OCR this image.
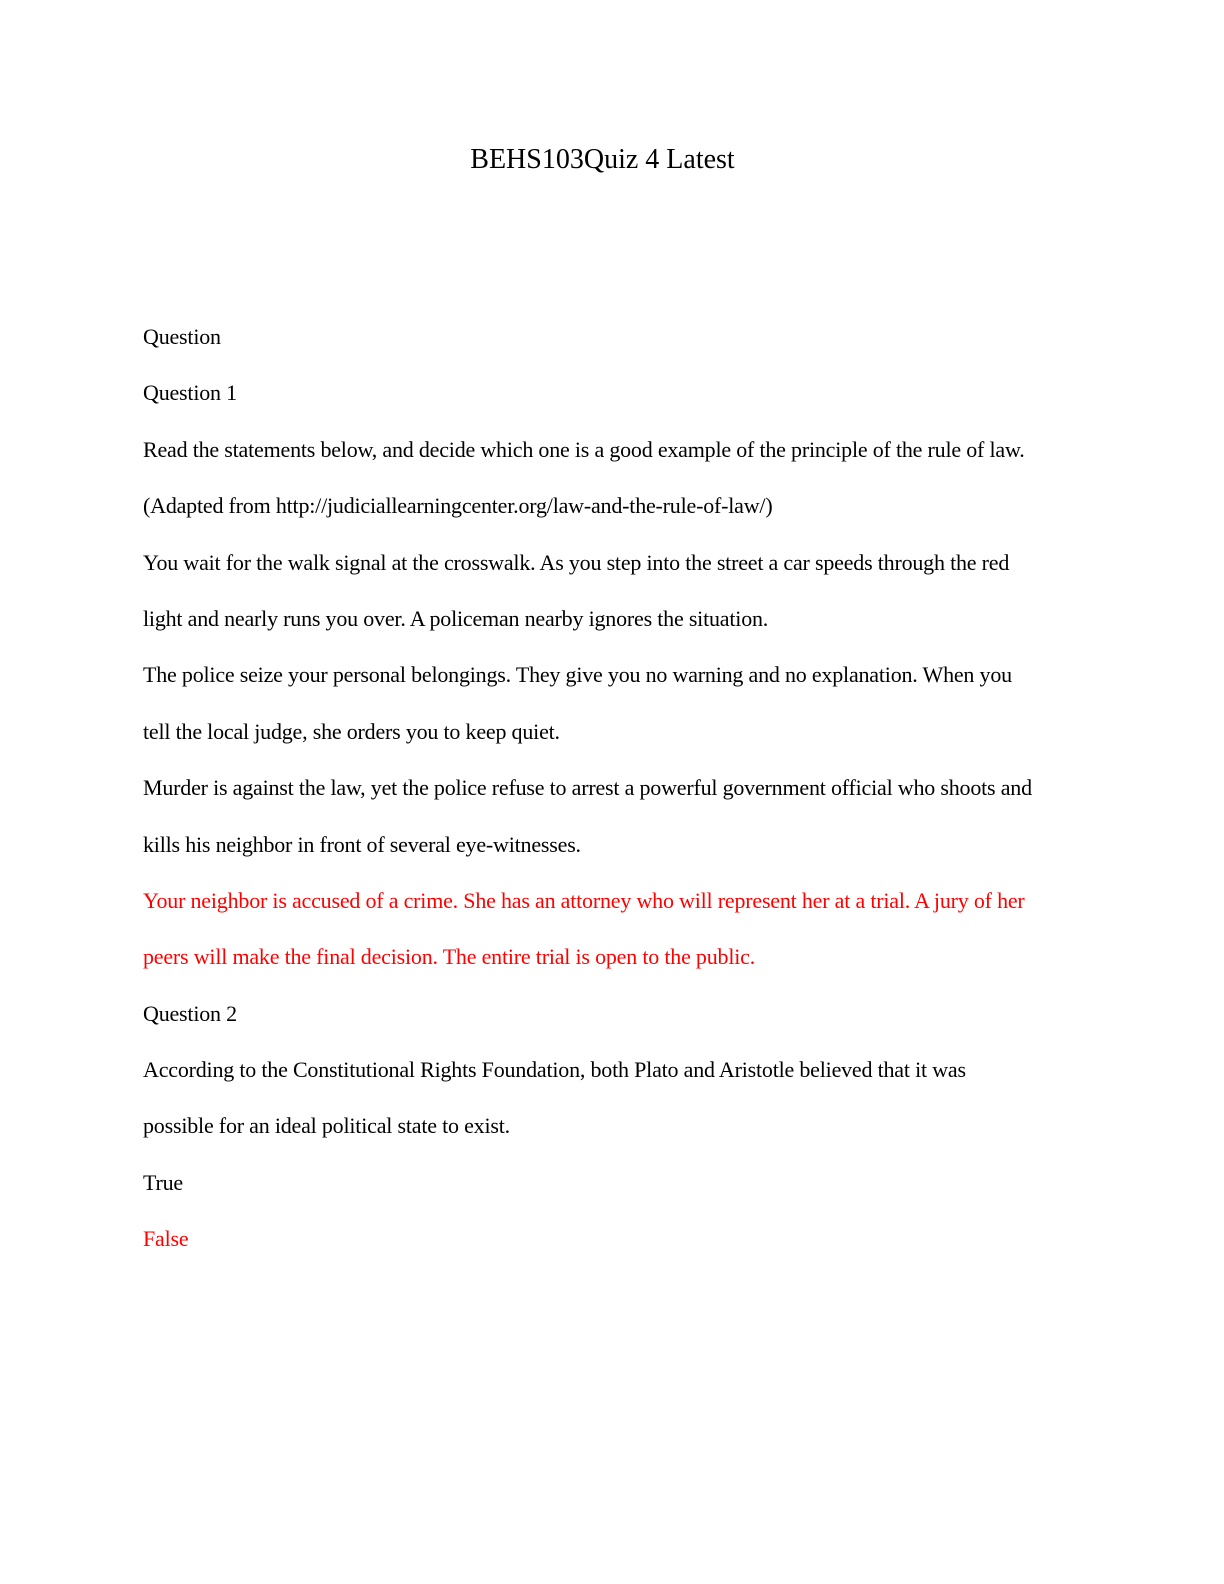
BEHS103Quiz 4 Latest
Question
Question 1
Read the statements below, and decide which one is a good example of the principle of the rule of law.
(Adapted from http://judiciallearningcenter.org/law-and-the-rule-of-law/)
You wait for the walk signal at the crosswalk. As you step into the street a car speeds through the red
light and nearly runs you over. A policeman nearby ignores the situation.
The police seize your personal belongings. They give you no warning and no explanation. When you
tell the local judge, she orders you to keep quiet.
Murder is against the law, yet the police refuse to arrest a powerful government official who shoots and
kills his neighbor in front of several eye-witnesses.
Your neighbor is accused of a crime. She has an attorney who will represent her at a trial. A jury of her
peers will make the final decision. The entire trial is open to the public.
Question 2
According to the Constitutional Rights Foundation, both Plato and Aristotle believed that it was
possible for an ideal political state to exist.
True
False
